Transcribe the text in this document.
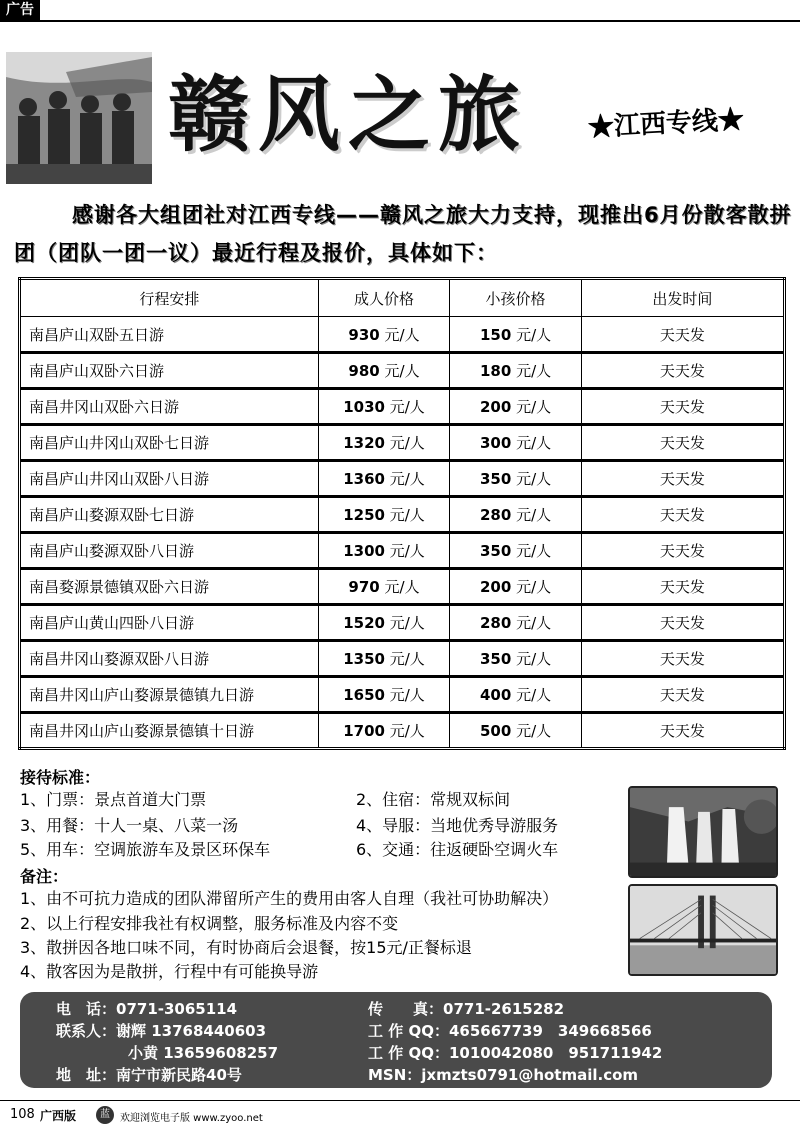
广告
赣风之旅 ★江西专线★
感谢各大组团社对江西专线——赣风之旅大力支持，现推出6月份散客散拼团（团队一团一议）最近行程及报价，具体如下：
行程安排	成人价格	小孩价格	出发时间
南昌庐山双卧五日游	930 元/人	150 元/人	天天发
南昌庐山双卧六日游	980 元/人	180 元/人	天天发
南昌井冈山双卧六日游	1030 元/人	200 元/人	天天发
南昌庐山井冈山双卧七日游	1320 元/人	300 元/人	天天发
南昌庐山井冈山双卧八日游	1360 元/人	350 元/人	天天发
南昌庐山婺源双卧七日游	1250 元/人	280 元/人	天天发
南昌庐山婺源双卧八日游	1300 元/人	350 元/人	天天发
南昌婺源景德镇双卧六日游	970 元/人	200 元/人	天天发
南昌庐山黄山四卧八日游	1520 元/人	280 元/人	天天发
南昌井冈山婺源双卧八日游	1350 元/人	350 元/人	天天发
南昌井冈山庐山婺源景德镇九日游	1650 元/人	400 元/人	天天发
南昌井冈山庐山婺源景德镇十日游	1700 元/人	500 元/人	天天发
接待标准：
1、门票：景点首道大门票	2、住宿：常规双标间
3、用餐：十人一桌、八菜一汤	4、导服：当地优秀导游服务
5、用车：空调旅游车及景区环保车	6、交通：往返硬卧空调火车
备注：
1、由不可抗力造成的团队滞留所产生的费用由客人自理（我社可协助解决）
2、以上行程安排我社有权调整，服务标准及内容不变
3、散拼因各地口味不同，有时协商后会退餐，按15元/正餐标退
4、散客因为是散拼，行程中有可能换导游
电　话：0771-3065114	传　　真：0771-2615282
联系人：谢辉 13768440603	工 作 QQ：465667739　349668566
小黄 13659608257	工 作 QQ：1010042080　951711942
地　址：南宁市新民路40号	MSN：jxmzts0791@hotmail.com
108 广西版	蓝	欢迎浏览电子版 www.zyoo.net
